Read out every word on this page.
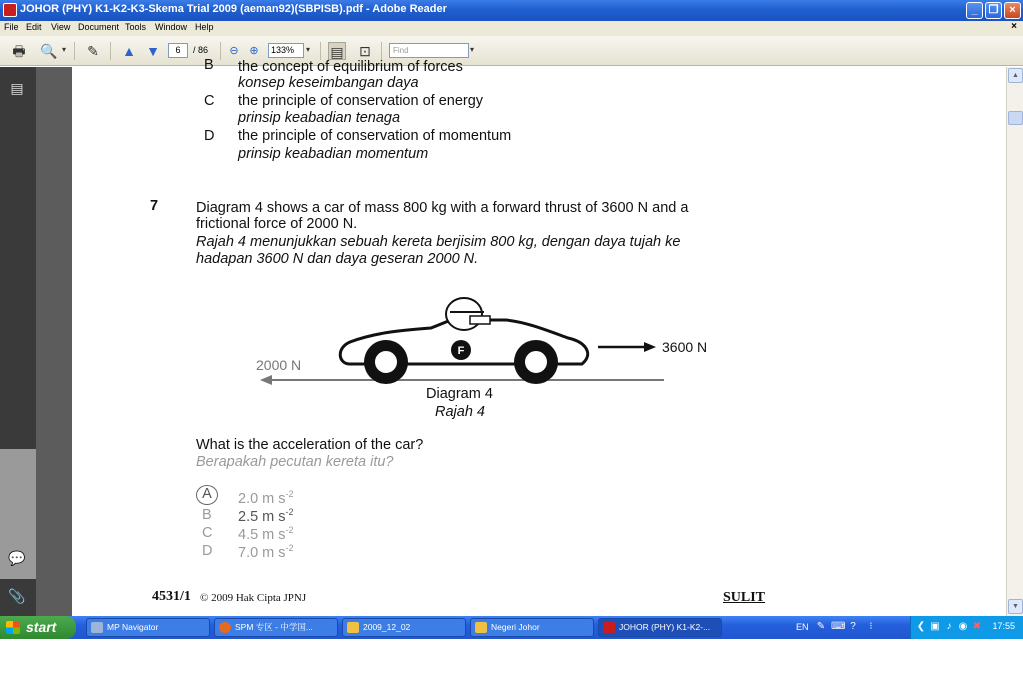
JOHOR (PHY) K1-K2-K3-Skema Trial 2009 (aeman92)(SBPISB).pdf - Adobe Reader	_	❐ ×
File Edit View Document Tools Window Help	×
🖶 🔍 ▾ ✎ ▲ ▼	6	/ 86	⊖ ⊕	133%	▾ ▤ ⊡	Find	▾
▤
💬
📎
B the concept of equilibrium of forces
konsep keseimbangan daya
C the principle of conservation of energy
prinsip keabadian tenaga
D the principle of conservation of momentum
prinsip keabadian momentum
7	Diagram 4 shows a car of mass 800 kg with a forward thrust of 3600 N and a
frictional force of 2000 N.
Rajah 4 menunjukkan sebuah kereta berjisim 800 kg, dengan daya tujah ke
hadapan 3600 N dan daya geseran 2000 N.
F	3600 N
2000 N
Diagram 4
Rajah 4
What is the acceleration of the car?
Berapakah pecutan kereta itu?
A	2.0 m $s^{-2}$
B 2.5 m $s^{-2}$
C 4.5 m $s^{-2}$
D 7.0 m $s^{-2}$
4531/1 © 2009 Hak Cipta JPNJ	SULIT
▲
▼
start	MP Navigator	SPM 专区 - 中学国...	2009_12_02	Negeri Johor	JOHOR (PHY) K1-K2-...	EN ✎ ⌨ ?	⁝	❮ ▣ ♪ ◉ ✖ 17:55
